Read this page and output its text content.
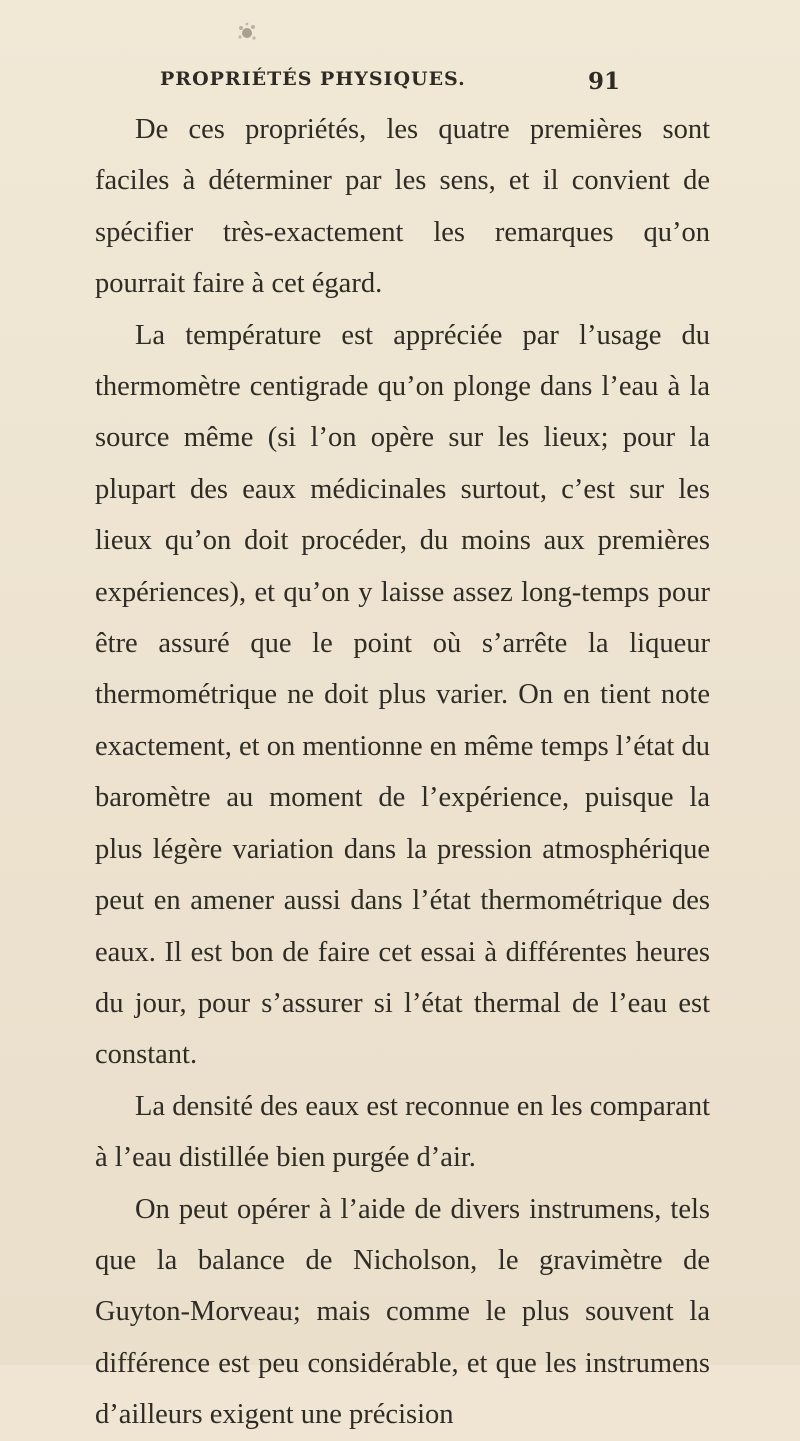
PROPRIÉTÉS PHYSIQUES.	91

De ces propriétés, les quatre premières sont faciles à déterminer par les sens, et il convient de spécifier très-exactement les remarques qu’on pourrait faire à cet égard.

La température est appréciée par l’usage du thermomètre centigrade qu’on plonge dans l’eau à la source même (si l’on opère sur les lieux; pour la plupart des eaux médicinales surtout, c’est sur les lieux qu’on doit procéder, du moins aux premières expériences), et qu’on y laisse assez long-temps pour être assuré que le point où s’arrête la liqueur thermométrique ne doit plus varier. On en tient note exactement, et on mentionne en même temps l’état du baromètre au moment de l’expérience, puisque la plus légère variation dans la pression atmosphérique peut en amener aussi dans l’état thermométrique des eaux. Il est bon de faire cet essai à différentes heures du jour, pour s’assurer si l’état thermal de l’eau est constant.

La densité des eaux est reconnue en les comparant à l’eau distillée bien purgée d’air.

On peut opérer à l’aide de divers instrumens, tels que la balance de Nicholson, le gravimètre de Guyton-Morveau; mais comme le plus souvent la différence est peu considérable, et que les instrumens d’ailleurs exigent une précision
